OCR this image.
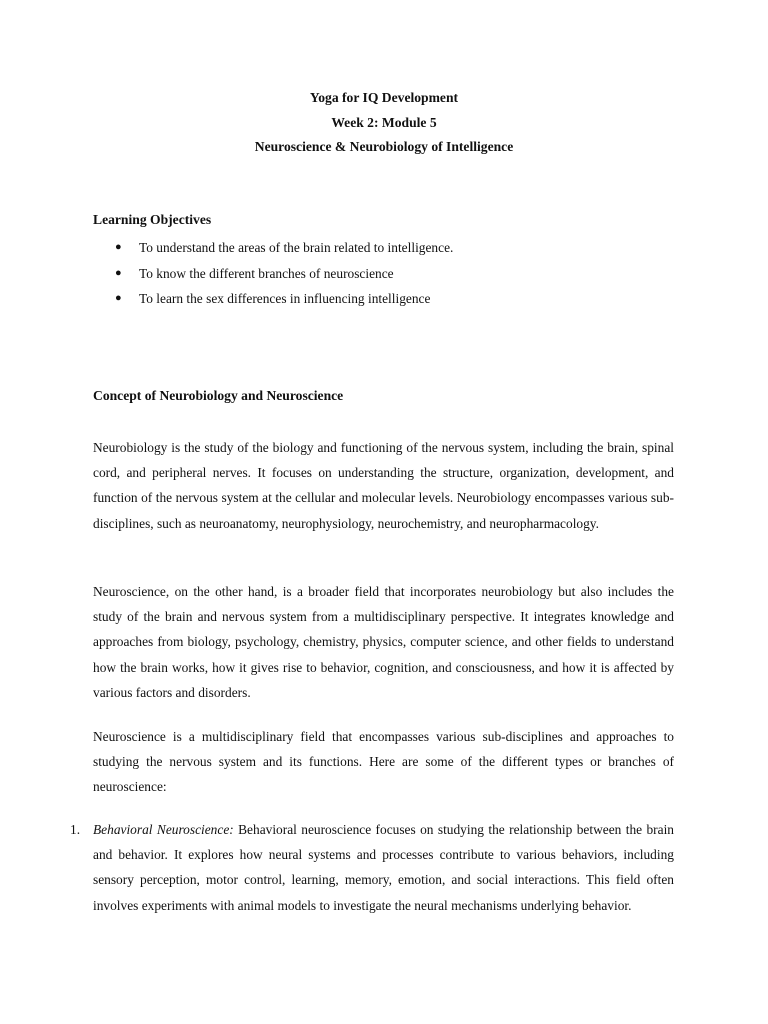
Yoga for IQ Development
Week 2: Module 5
Neuroscience & Neurobiology of Intelligence
Learning Objectives
● To understand the areas of the brain related to intelligence.
● To know the different branches of neuroscience
● To learn the sex differences in influencing intelligence
Concept of Neurobiology and Neuroscience

Neurobiology is the study of the biology and functioning of the nervous system, including the brain, spinal cord, and peripheral nerves. It focuses on understanding the structure, organization, development, and function of the nervous system at the cellular and molecular levels. Neurobiology encompasses various sub-disciplines, such as neuroanatomy, neurophysiology, neurochemistry, and neuropharmacology.

Neuroscience, on the other hand, is a broader field that incorporates neurobiology but also includes the study of the brain and nervous system from a multidisciplinary perspective. It integrates knowledge and approaches from biology, psychology, chemistry, physics, computer science, and other fields to understand how the brain works, how it gives rise to behavior, cognition, and consciousness, and how it is affected by various factors and disorders.

Neuroscience is a multidisciplinary field that encompasses various sub-disciplines and approaches to studying the nervous system and its functions. Here are some of the different types or branches of neuroscience:

1. Behavioral Neuroscience: Behavioral neuroscience focuses on studying the relationship between the brain and behavior. It explores how neural systems and processes contribute to various behaviors, including sensory perception, motor control, learning, memory, emotion, and social interactions. This field often involves experiments with animal models to investigate the neural mechanisms underlying behavior.
